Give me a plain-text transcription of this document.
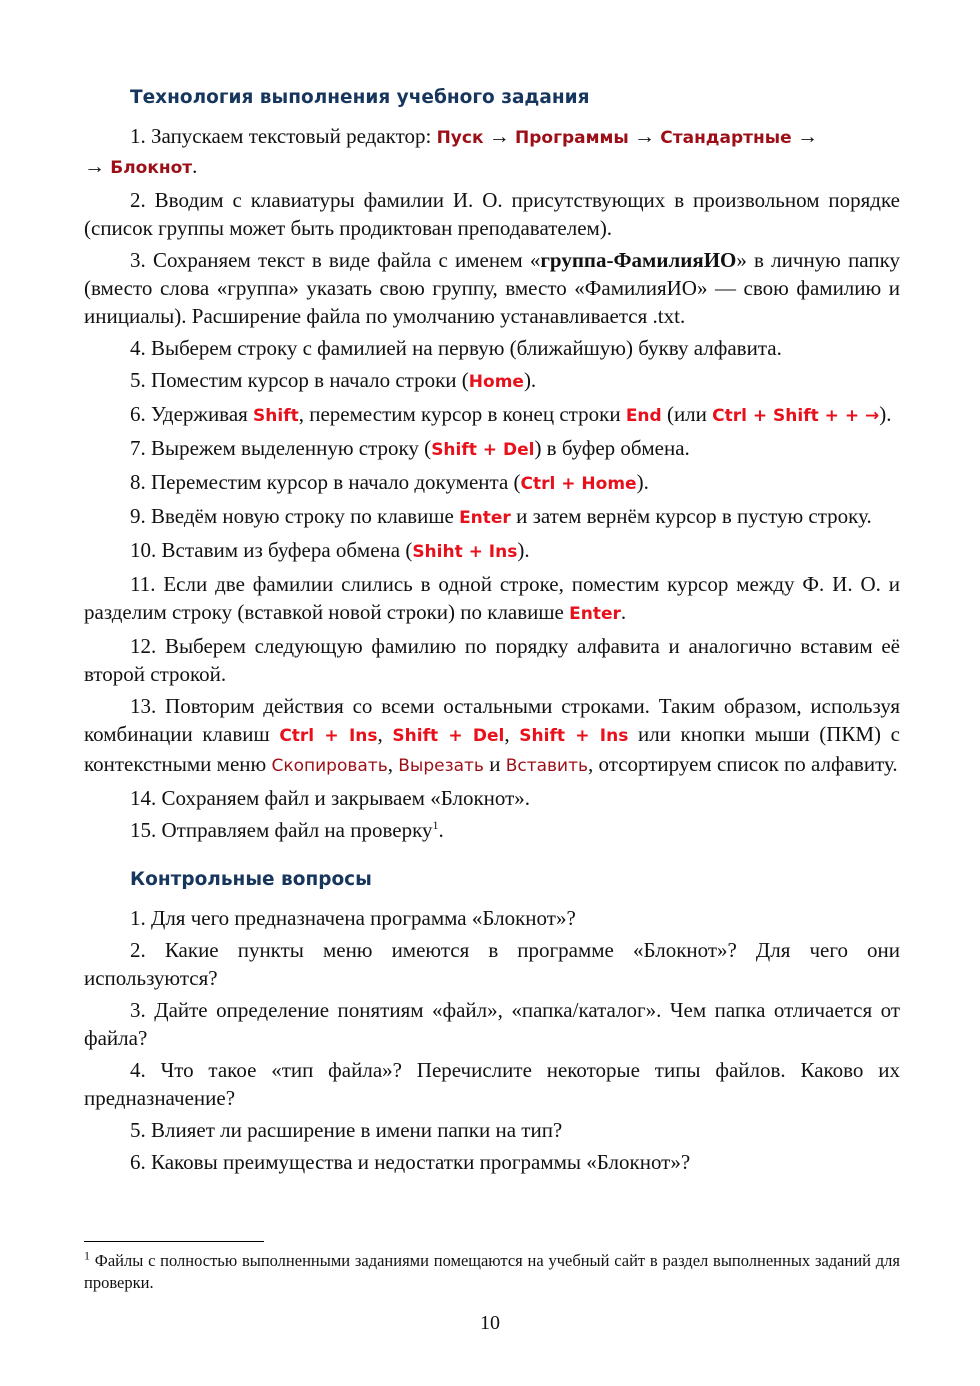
Технология выполнения учебного задания

1. Запускаем текстовый редактор: Пуск → Программы → Стандартные →
→ Блокнот.

2. Вводим с клавиатуры фамилии И. О. присутствующих в произвольном порядке (список группы может быть продиктован преподавателем).

3. Сохраняем текст в виде файла с именем «группа-ФамилияИО» в личную папку (вместо слова «группа» указать свою группу, вместо «ФамилияИО» — свою фамилию и инициалы). Расширение файла по умолчанию устанавливается .txt.

4. Выберем строку с фамилией на первую (ближайшую) букву алфавита.

5. Поместим курсор в начало строки (Home).

6. Удерживая Shift, переместим курсор в конец строки End (или Ctrl + Shift + + →).

7. Вырежем выделенную строку (Shift + Del) в буфер обмена.

8. Переместим курсор в начало документа (Ctrl + Home).

9. Введём новую строку по клавише Enter и затем вернём курсор в пустую строку.

10. Вставим из буфера обмена (Shiht + Ins).

11. Если две фамилии слились в одной строке, поместим курсор между Ф. И. О. и разделим строку (вставкой новой строки) по клавише Enter.

12. Выберем следующую фамилию по порядку алфавита и аналогично вставим её второй строкой.

13. Повторим действия со всеми остальными строками. Таким образом, используя комбинации клавиш Ctrl + Ins, Shift + Del, Shift + Ins или кнопки мыши (ПКМ) с контекстными меню Скопировать, Вырезать и Вставить, отсортируем список по алфавиту.

14. Сохраняем файл и закрываем «Блокнот».

15. Отправляем файл на проверку$^1$.

Контрольные вопросы

1. Для чего предназначена программа «Блокнот»?

2. Какие пункты меню имеются в программе «Блокнот»? Для чего они используются?

3. Дайте определение понятиям «файл», «папка/каталог». Чем папка отличается от файла?

4. Что такое «тип файла»? Перечислите некоторые типы файлов. Каково их предназначение?

5. Влияет ли расширение в имени папки на тип?

6. Каковы преимущества и недостатки программы «Блокнот»?

$^1$ Файлы с полностью выполненными заданиями помещаются на учебный сайт в раздел выполненных заданий для проверки.
10
